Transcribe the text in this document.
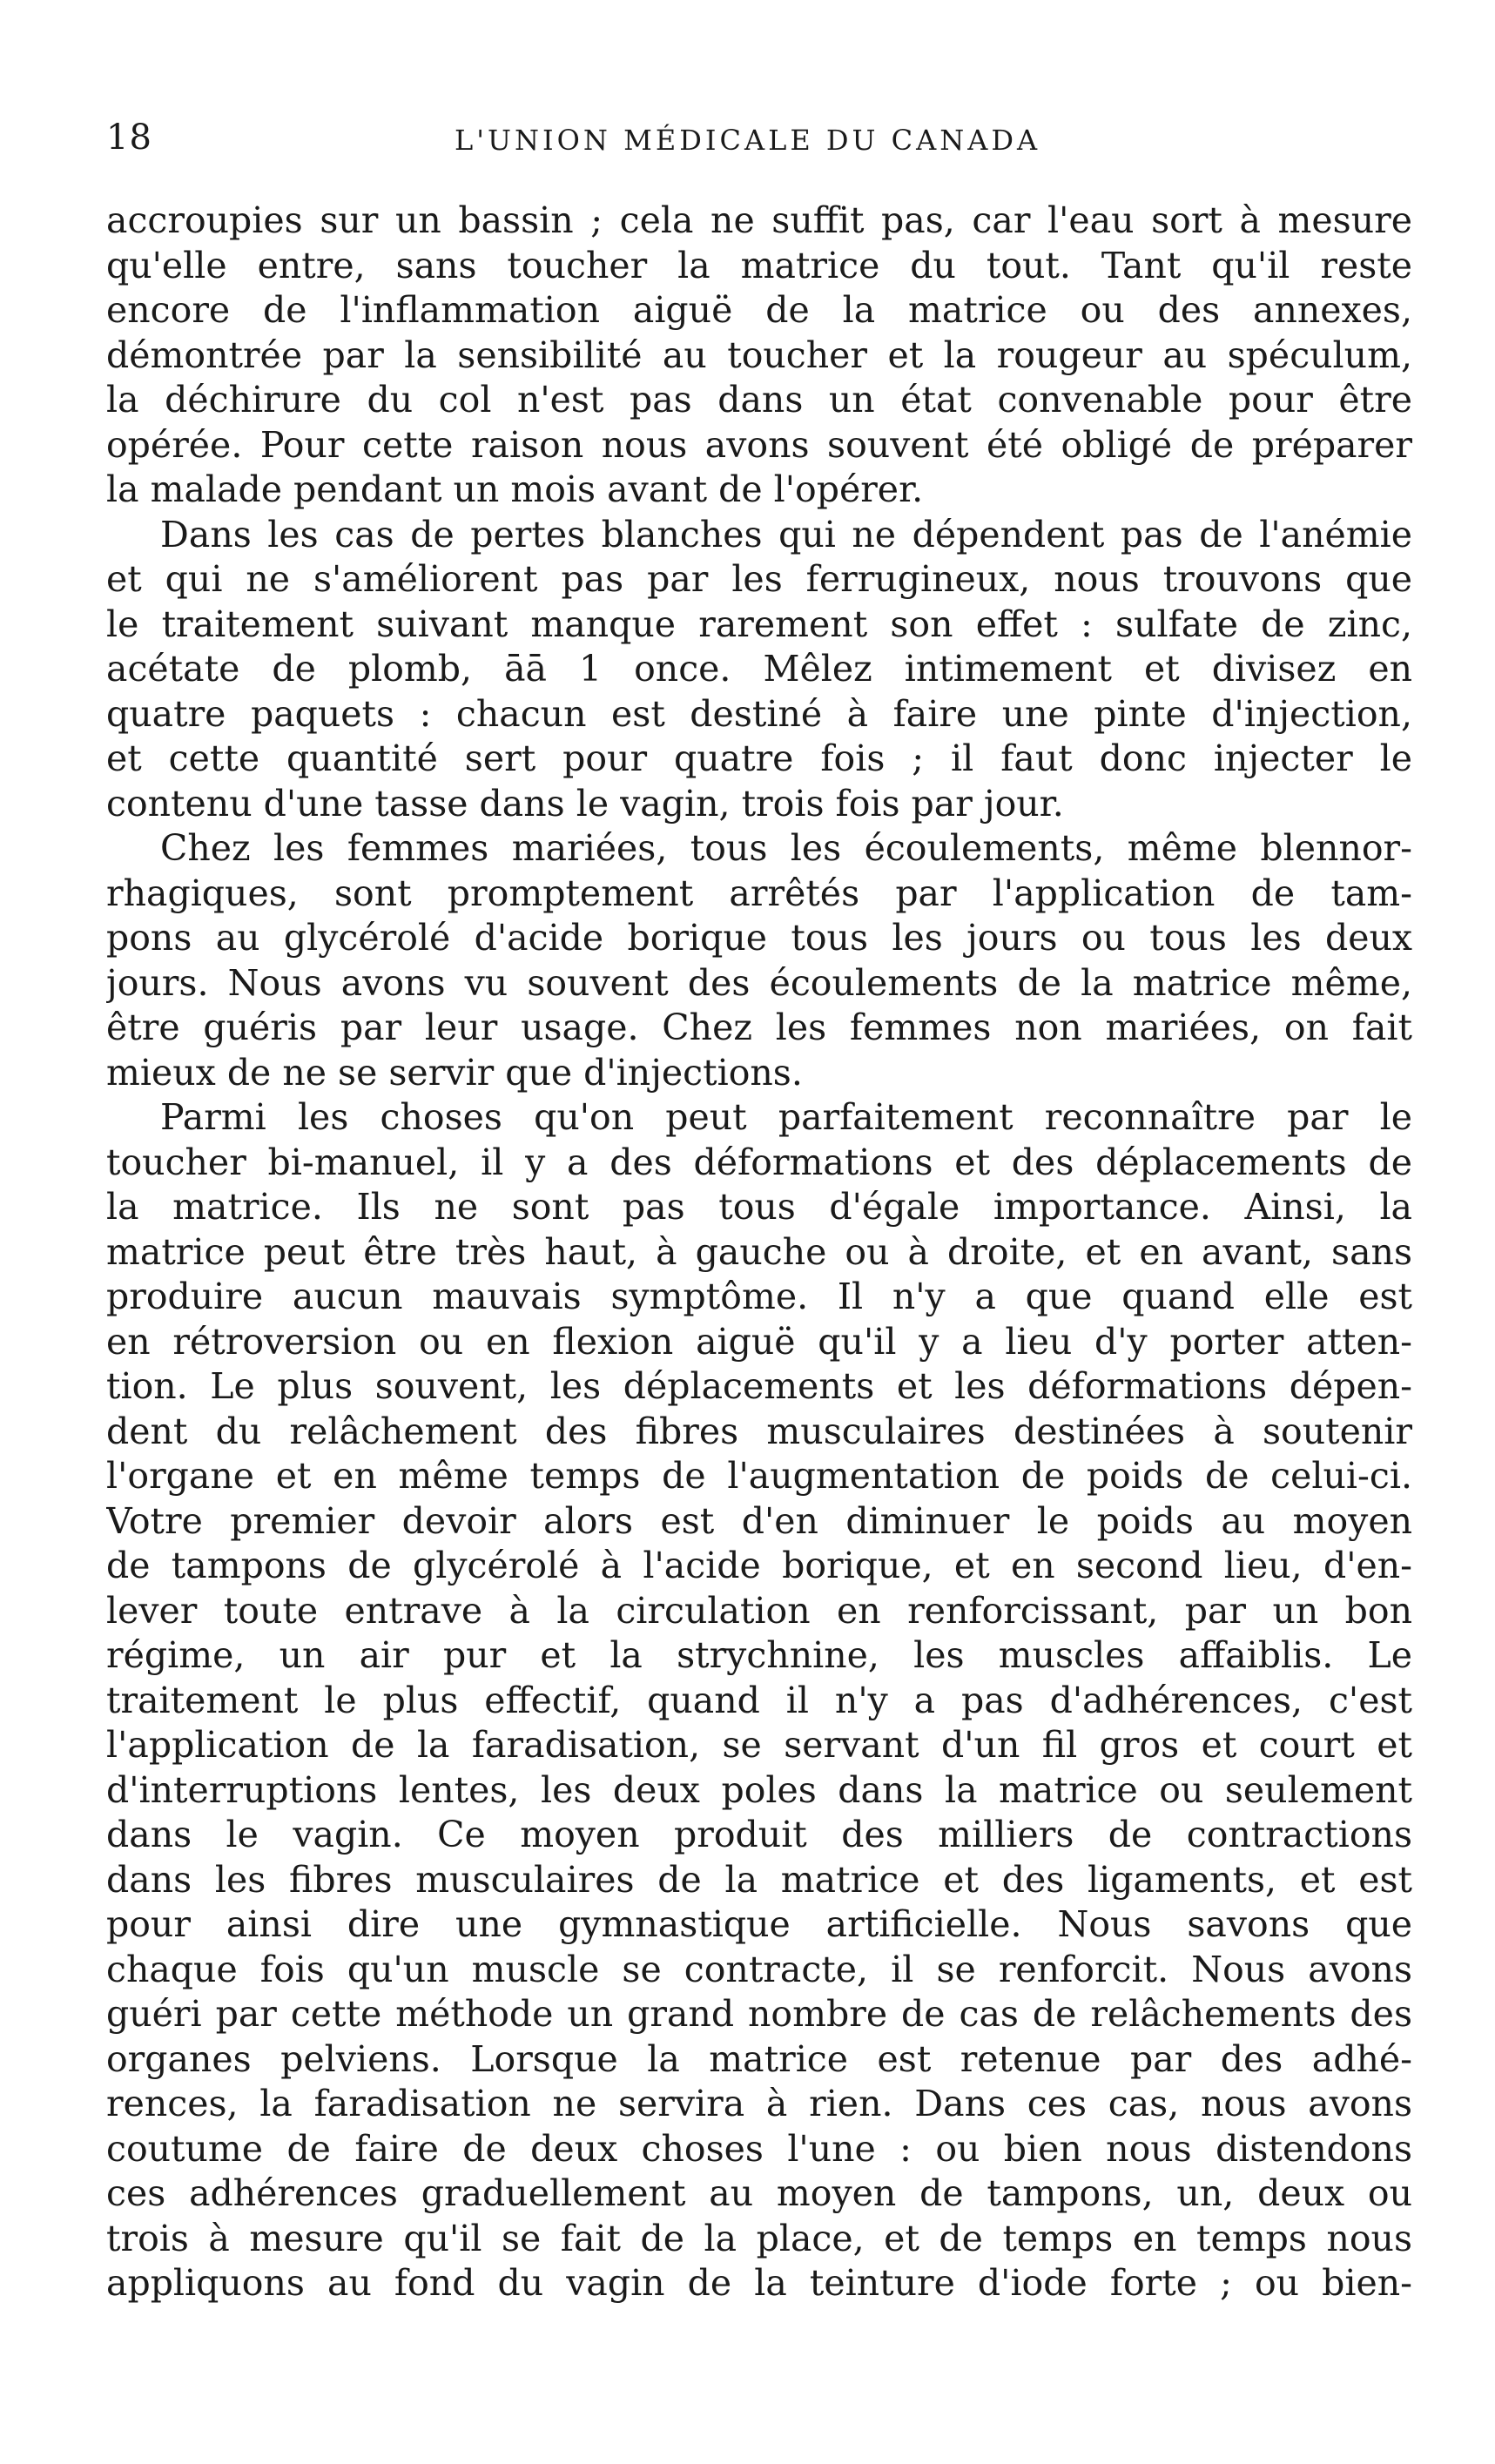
18	L'UNION MÉDICALE DU CANADA
accroupies sur un bassin ; cela ne suffit pas, car l'eau sort à mesure
qu'elle entre, sans toucher la matrice du tout. Tant qu'il reste
encore de l'inflammation aiguë de la matrice ou des annexes,
démontrée par la sensibilité au toucher et la rougeur au spéculum,
la déchirure du col n'est pas dans un état convenable pour être
opérée. Pour cette raison nous avons souvent été obligé de préparer
la malade pendant un mois avant de l'opérer.
Dans les cas de pertes blanches qui ne dépendent pas de l'anémie
et qui ne s'améliorent pas par les ferrugineux, nous trouvons que
le traitement suivant manque rarement son effet : sulfate de zinc,
acétate de plomb, āā 1 once. Mêlez intimement et divisez en
quatre paquets : chacun est destiné à faire une pinte d'injection,
et cette quantité sert pour quatre fois ; il faut donc injecter le
contenu d'une tasse dans le vagin, trois fois par jour.
Chez les femmes mariées, tous les écoulements, même blennor-
rhagiques, sont promptement arrêtés par l'application de tam-
pons au glycérolé d'acide borique tous les jours ou tous les deux
jours. Nous avons vu souvent des écoulements de la matrice même,
être guéris par leur usage. Chez les femmes non mariées, on fait
mieux de ne se servir que d'injections.
Parmi les choses qu'on peut parfaitement reconnaître par le
toucher bi-manuel, il y a des déformations et des déplacements de
la matrice. Ils ne sont pas tous d'égale importance. Ainsi, la
matrice peut être très haut, à gauche ou à droite, et en avant, sans
produire aucun mauvais symptôme. Il n'y a que quand elle est
en rétroversion ou en flexion aiguë qu'il y a lieu d'y porter atten-
tion. Le plus souvent, les déplacements et les déformations dépen-
dent du relâchement des fibres musculaires destinées à soutenir
l'organe et en même temps de l'augmentation de poids de celui-ci.
Votre premier devoir alors est d'en diminuer le poids au moyen
de tampons de glycérolé à l'acide borique, et en second lieu, d'en-
lever toute entrave à la circulation en renforcissant, par un bon
régime, un air pur et la strychnine, les muscles affaiblis. Le
traitement le plus effectif, quand il n'y a pas d'adhérences, c'est
l'application de la faradisation, se servant d'un fil gros et court et
d'interruptions lentes, les deux poles dans la matrice ou seulement
dans le vagin. Ce moyen produit des milliers de contractions
dans les fibres musculaires de la matrice et des ligaments, et est
pour ainsi dire une gymnastique artificielle. Nous savons que
chaque fois qu'un muscle se contracte, il se renforcit. Nous avons
guéri par cette méthode un grand nombre de cas de relâchements des
organes pelviens. Lorsque la matrice est retenue par des adhé-
rences, la faradisation ne servira à rien. Dans ces cas, nous avons
coutume de faire de deux choses l'une : ou bien nous distendons
ces adhérences graduellement au moyen de tampons, un, deux ou
trois à mesure qu'il se fait de la place, et de temps en temps nous
appliquons au fond du vagin de la teinture d'iode forte ; ou bien-
